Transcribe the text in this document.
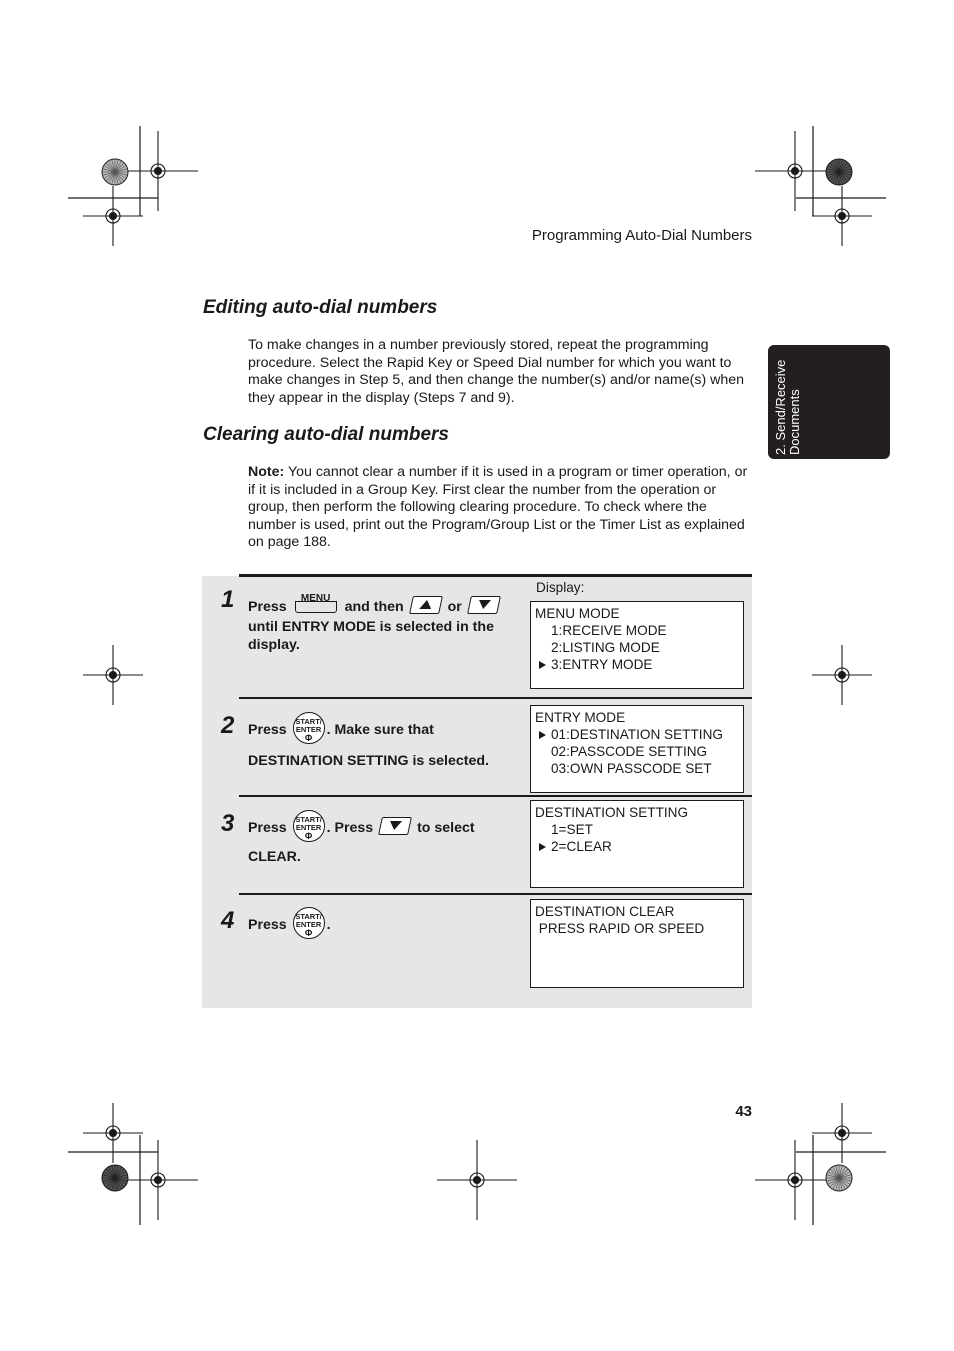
Programming Auto-Dial Numbers
2. Send/Receive Documents
Editing auto-dial numbers
To make changes in a number previously stored, repeat the programming procedure. Select the Rapid Key or Speed Dial number for which you want to make changes in Step 5, and then change the number(s) and/or name(s) when they appear in the display (Steps 7 and 9).
Clearing auto-dial numbers
Note: You cannot clear a number if it is used in a program or timer operation, or if it is included in a Group Key. First clear the number from the operation or group, then perform the following clearing procedure. To check where the number is used, print out the Program/Group List or the Timer List as explained on page 188.
Display:
1 Press
MENU
and then	or
until ENTRY MODE is selected in the display.
MENU MODE
1:RECEIVE MODE
2:LISTING MODE
3:ENTRY MODE
2 Press
START/
ENTER
Φ	. Make sure that
DESTINATION SETTING is selected.
ENTRY MODE
01:DESTINATION SETTING
02:PASSCODE SETTING
03:OWN PASSCODE SET
3 Press
START/
ENTER
Φ	. Press	to select
CLEAR.
DESTINATION SETTING
1=SET
2=CLEAR
4 Press
START/
ENTER
Φ	.
DESTINATION CLEAR
PRESS RAPID OR SPEED
43
